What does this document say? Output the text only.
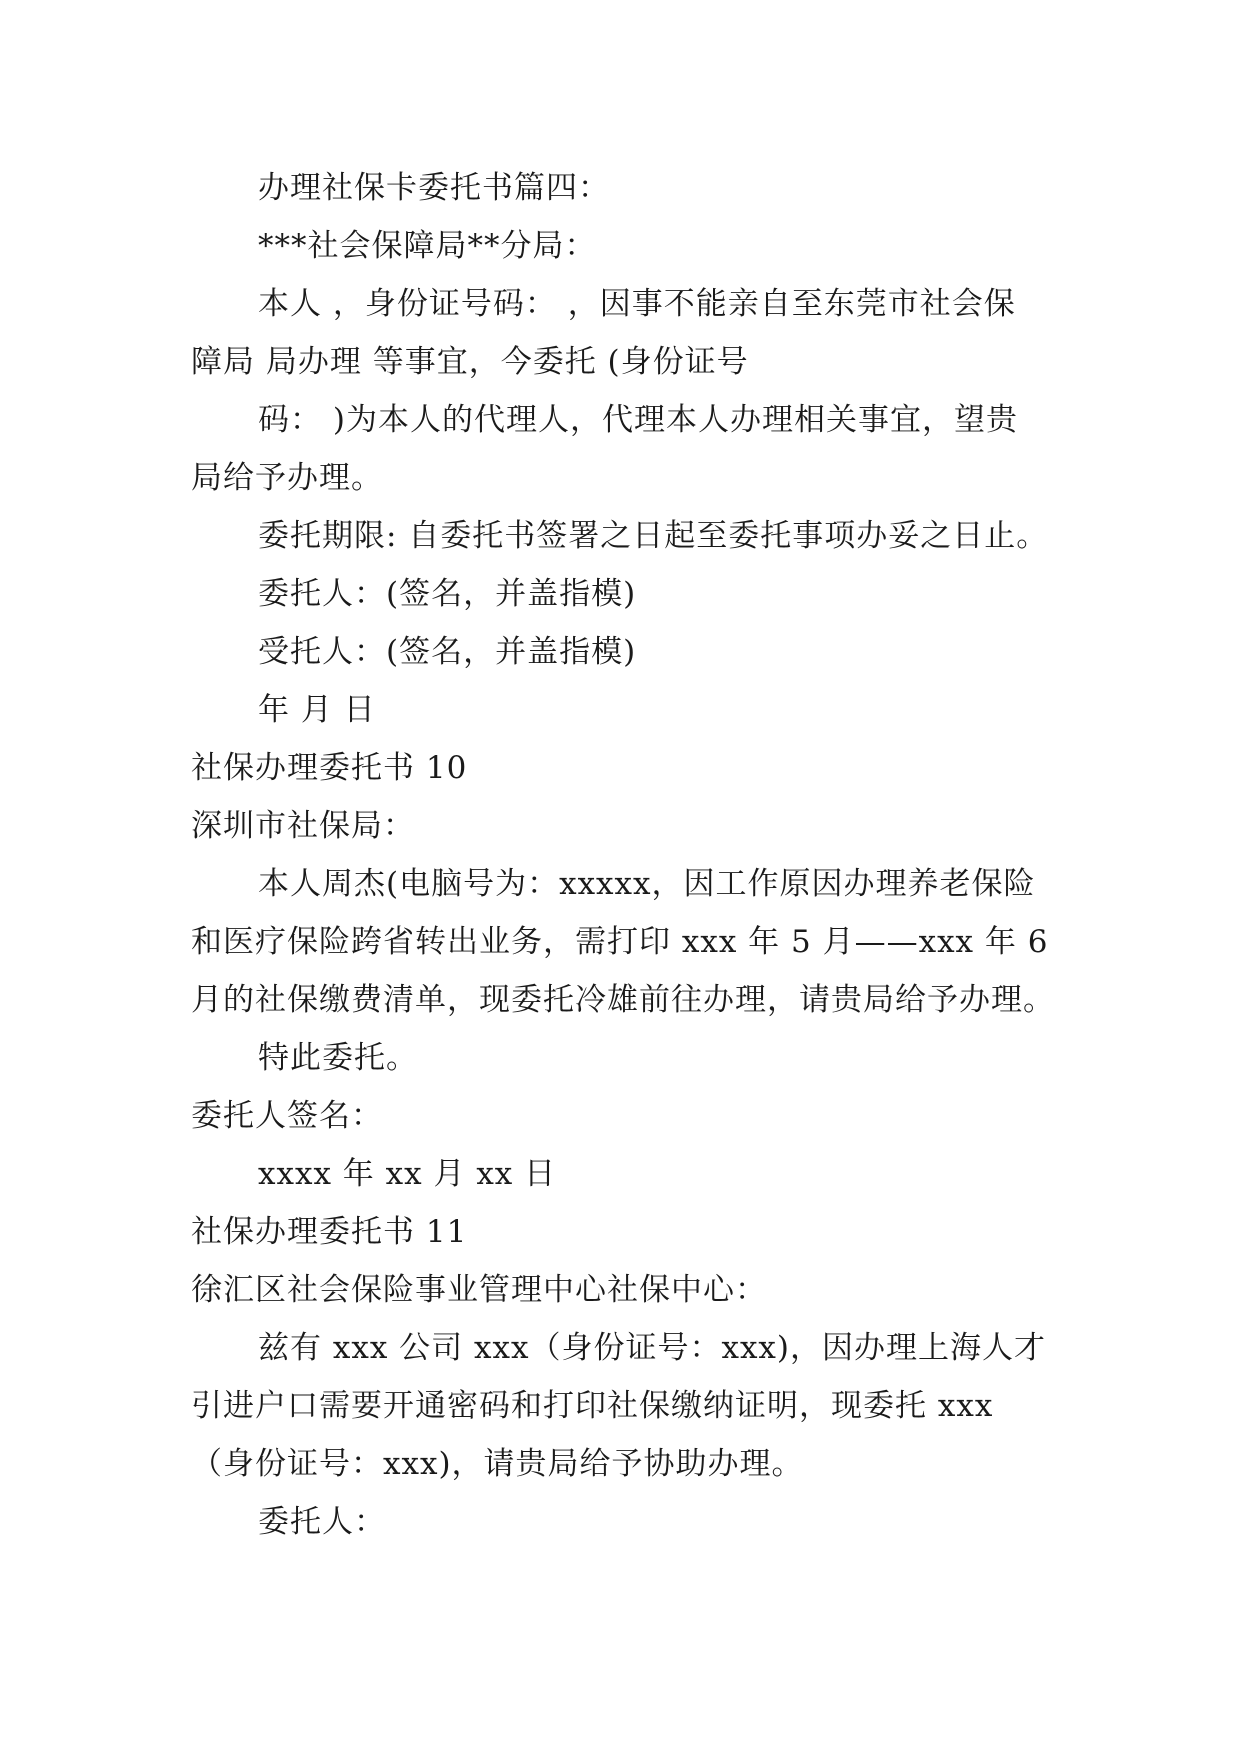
办理社保卡委托书篇四：
***社会保障局**分局：
本人 ，身份证号码： ，因事不能亲自至东莞市社会保
障局 局办理 等事宜，今委托 (身份证号
码： )为本人的代理人，代理本人办理相关事宜，望贵
局给予办理。
委托期限: 自委托书签署之日起至委托事项办妥之日止。
委托人：(签名，并盖指模)
受托人：(签名，并盖指模)
年 月 日
社保办理委托书 10
深圳市社保局：
本人周杰(电脑号为：xxxxx，因工作原因办理养老保险
和医疗保险跨省转出业务，需打印 xxx 年 5 月——xxx 年 6
月的社保缴费清单，现委托冷雄前往办理，请贵局给予办理。
特此委托。
委托人签名：
xxxx 年 xx 月 xx 日
社保办理委托书 11
徐汇区社会保险事业管理中心社保中心：
兹有 xxx 公司 xxx（身份证号：xxx)，因办理上海人才
引进户口需要开通密码和打印社保缴纳证明，现委托 xxx
（身份证号：xxx)，请贵局给予协助办理。
委托人：
